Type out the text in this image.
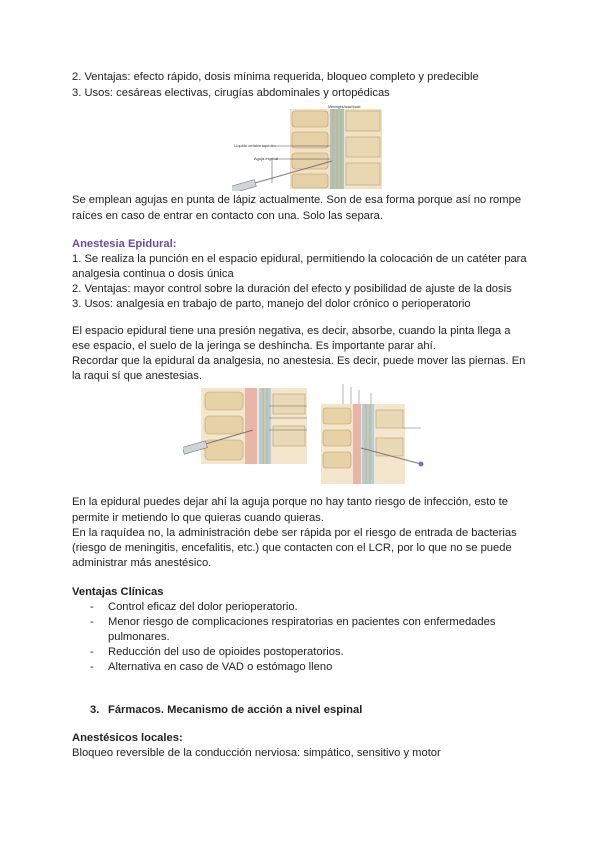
2. Ventajas: efecto rápido, dosis mínima requerida, bloqueo completo y predecible
3. Usos: cesáreas electivas, cirugías abdominales y ortopédicas
Meninges/arachnoid
Líquido cefalorraquídeo
Aguja espinal
Se emplean agujas en punta de lápiz actualmente. Son de esa forma porque así no rompe
raíces en caso de entrar en contacto con una. Solo las separa.
Anestesia Epidural:
1. Se realiza la punción en el espacio epidural, permitiendo la colocación de un catéter para
analgesia continua o dosis única
2. Ventajas: mayor control sobre la duración del efecto y posibilidad de ajuste de la dosis
3. Usos: analgesia en trabajo de parto, manejo del dolor crónico o perioperatorio
El espacio epidural tiene una presión negativa, es decir, absorbe, cuando la pinta llega a
ese espacio, el suelo de la jeringa se deshincha. Es importante parar ahí.
Recordar que la epidural da analgesia, no anestesia. Es decir, puede mover las piernas. En
la raqui sí que anestesias.
En la epidural puedes dejar ahí la aguja porque no hay tanto riesgo de infección, esto te
permite ir metiendo lo que quieras cuando quieras.
En la raquídea no, la administración debe ser rápida por el riesgo de entrada de bacterias
(riesgo de meningitis, encefalitis, etc.) que contacten con el LCR, por lo que no se puede
administrar más anestésico.
Ventajas Clínicas
- Control eficaz del dolor perioperatorio.
- Menor riesgo de complicaciones respiratorias en pacientes con enfermedades
pulmonares.
- Reducción del uso de opioides postoperatorios.
- Alternativa en caso de VAD o estómago lleno
3. Fármacos. Mecanismo de acción a nivel espinal
Anestésicos locales:
Bloqueo reversible de la conducción nerviosa: simpático, sensitivo y motor
